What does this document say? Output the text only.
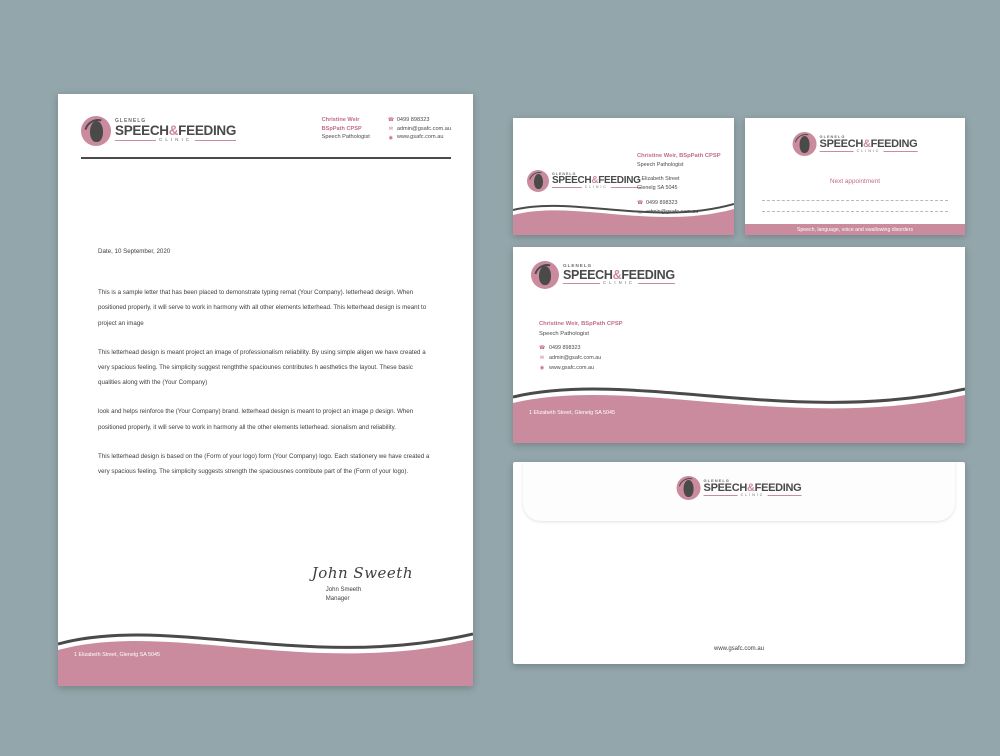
GLENELG
SPEECH&FEEDING
CLINIC
Christine Weir
BSpPath CPSP
Speech Pathologist
☎ 0499 898323
✉ admin@gsafc.com.au
◉ www.gsafc.com.au

Date, 10 September, 2020

This is a sample letter that has been placed to demonstrate typing remat (Your Company). letterhead design. When positioned properly, it will serve to work in harmony with all other elements letterhead. This letterhead design is meant to project an image

This letterhead design is meant project an image of professionalism reliability. By using simple aligen we have created a very spacious feeling. The simplicity suggest rengththe spaciounes contributes h aesthetics the layout. These basic qualities along with the (Your Company)

look and helps reinforce the (Your Company) brand. letterhead design is meant to project an image p design. When positioned properly, it will serve to work in harmony all the other elements letterhead. sionalism and reliability.

This letterhead design is based on the (Form of your logo) form (Your Company) logo. Each stationery we have created a very spacious feeling. The simplicity suggests strength the spaciousnes contribute part of the (Form of your logo).

John Sweeth
John Smeeth
Manager
1 Elizabeth Street, Glenelg SA 5045
GLENELG
SPEECH&FEEDING
CLINIC
Christine Weir, BSpPath CPSP
Speech Pathologist
1 Elizabeth Street
Glenelg SA 5045
☎ 0499 898323
✉ admin@gsafc.com.au
GLENELG
SPEECH&FEEDING
CLINIC
Next appointment
Speech, language, voice and swallowing disorders
GLENELG
SPEECH&FEEDING
CLINIC
Christine Weir, BSpPath CPSP
Speech Pathologist
☎ 0499 898323
✉ admin@gsafc.com.au
◉ www.gsafc.com.au
1 Elizabeth Street, Glenelg SA 5045
GLENELG
SPEECH&FEEDING
CLINIC
www.gsafc.com.au
